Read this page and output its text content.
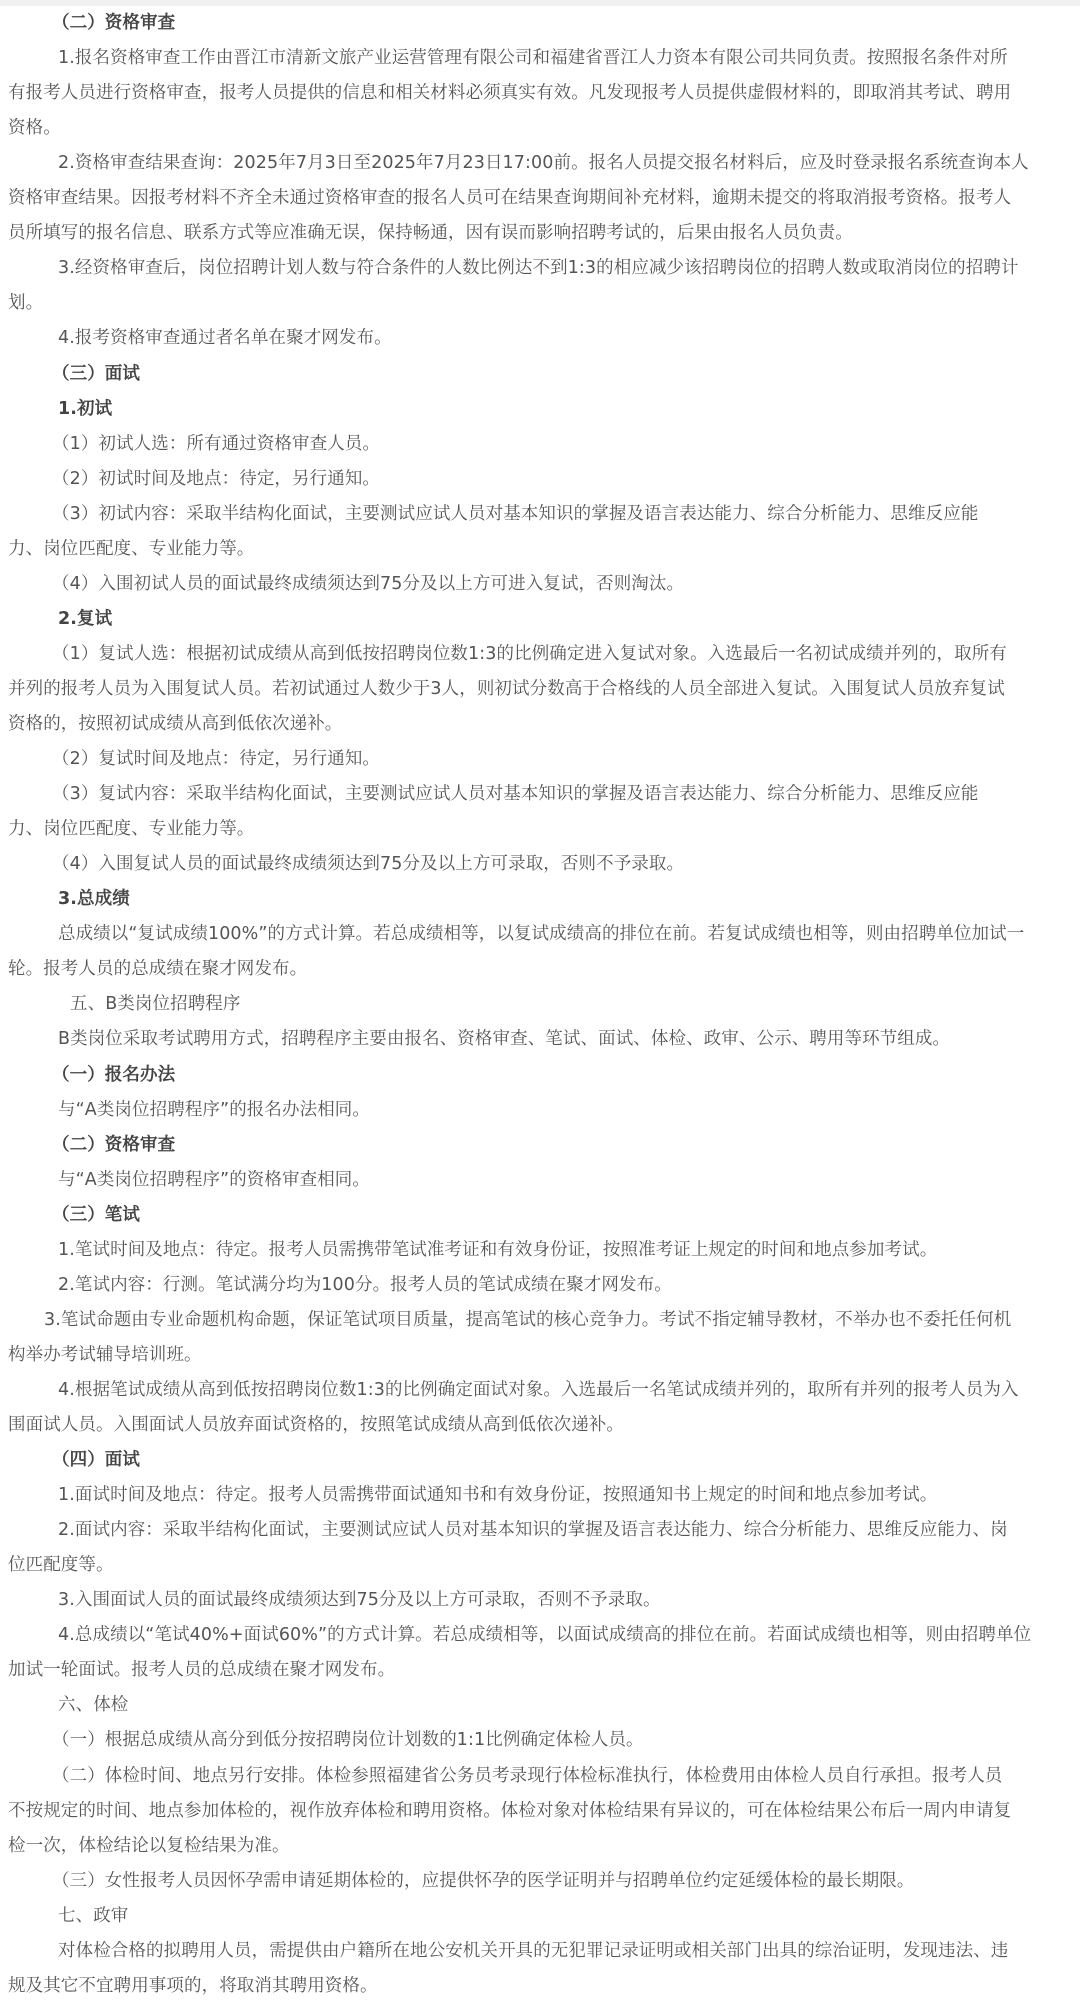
（二）资格审查
1.报名资格审查工作由晋江市清新文旅产业运营管理有限公司和福建省晋江人力资本有限公司共同负责。按照报名条件对所
有报考人员进行资格审查，报考人员提供的信息和相关材料必须真实有效。凡发现报考人员提供虚假材料的，即取消其考试、聘用
资格。
2.资格审查结果查询：2025年7月3日至2025年7月23日17:00前。报名人员提交报名材料后，应及时登录报名系统查询本人
资格审查结果。因报考材料不齐全未通过资格审查的报名人员可在结果查询期间补充材料，逾期未提交的将取消报考资格。报考人
员所填写的报名信息、联系方式等应准确无误，保持畅通，因有误而影响招聘考试的，后果由报名人员负责。
3.经资格审查后，岗位招聘计划人数与符合条件的人数比例达不到1:3的相应减少该招聘岗位的招聘人数或取消岗位的招聘计
划。
4.报考资格审查通过者名单在聚才网发布。
（三）面试
1.初试
（1）初试人选：所有通过资格审查人员。
（2）初试时间及地点：待定，另行通知。
（3）初试内容：采取半结构化面试，主要测试应试人员对基本知识的掌握及语言表达能力、综合分析能力、思维反应能
力、岗位匹配度、专业能力等。
（4）入围初试人员的面试最终成绩须达到75分及以上方可进入复试，否则淘汰。
2.复试
（1）复试人选：根据初试成绩从高到低按招聘岗位数1:3的比例确定进入复试对象。入选最后一名初试成绩并列的，取所有
并列的报考人员为入围复试人员。若初试通过人数少于3人，则初试分数高于合格线的人员全部进入复试。入围复试人员放弃复试
资格的，按照初试成绩从高到低依次递补。
（2）复试时间及地点：待定，另行通知。
（3）复试内容：采取半结构化面试，主要测试应试人员对基本知识的掌握及语言表达能力、综合分析能力、思维反应能
力、岗位匹配度、专业能力等。
（4）入围复试人员的面试最终成绩须达到75分及以上方可录取，否则不予录取。
3.总成绩
总成绩以“复试成绩100%”的方式计算。若总成绩相等，以复试成绩高的排位在前。若复试成绩也相等，则由招聘单位加试一
轮。报考人员的总成绩在聚才网发布。
五、B类岗位招聘程序
B类岗位采取考试聘用方式，招聘程序主要由报名、资格审查、笔试、面试、体检、政审、公示、聘用等环节组成。
（一）报名办法
与“A类岗位招聘程序”的报名办法相同。
（二）资格审查
与“A类岗位招聘程序”的资格审查相同。
（三）笔试
1.笔试时间及地点：待定。报考人员需携带笔试准考证和有效身份证，按照准考证上规定的时间和地点参加考试。
2.笔试内容：行测。笔试满分均为100分。报考人员的笔试成绩在聚才网发布。
3.笔试命题由专业命题机构命题，保证笔试项目质量，提高笔试的核心竞争力。考试不指定辅导教材，不举办也不委托任何机
构举办考试辅导培训班。
4.根据笔试成绩从高到低按招聘岗位数1:3的比例确定面试对象。入选最后一名笔试成绩并列的，取所有并列的报考人员为入
围面试人员。入围面试人员放弃面试资格的，按照笔试成绩从高到低依次递补。
（四）面试
1.面试时间及地点：待定。报考人员需携带面试通知书和有效身份证，按照通知书上规定的时间和地点参加考试。
2.面试内容：采取半结构化面试，主要测试应试人员对基本知识的掌握及语言表达能力、综合分析能力、思维反应能力、岗
位匹配度等。
3.入围面试人员的面试最终成绩须达到75分及以上方可录取，否则不予录取。
4.总成绩以“笔试40%+面试60%”的方式计算。若总成绩相等，以面试成绩高的排位在前。若面试成绩也相等，则由招聘单位
加试一轮面试。报考人员的总成绩在聚才网发布。
六、体检
（一）根据总成绩从高分到低分按招聘岗位计划数的1:1比例确定体检人员。
（二）体检时间、地点另行安排。体检参照福建省公务员考录现行体检标准执行，体检费用由体检人员自行承担。报考人员
不按规定的时间、地点参加体检的，视作放弃体检和聘用资格。体检对象对体检结果有异议的，可在体检结果公布后一周内申请复
检一次，体检结论以复检结果为准。
（三）女性报考人员因怀孕需申请延期体检的，应提供怀孕的医学证明并与招聘单位约定延缓体检的最长期限。
七、政审
对体检合格的拟聘用人员，需提供由户籍所在地公安机关开具的无犯罪记录证明或相关部门出具的综治证明，发现违法、违
规及其它不宜聘用事项的，将取消其聘用资格。
